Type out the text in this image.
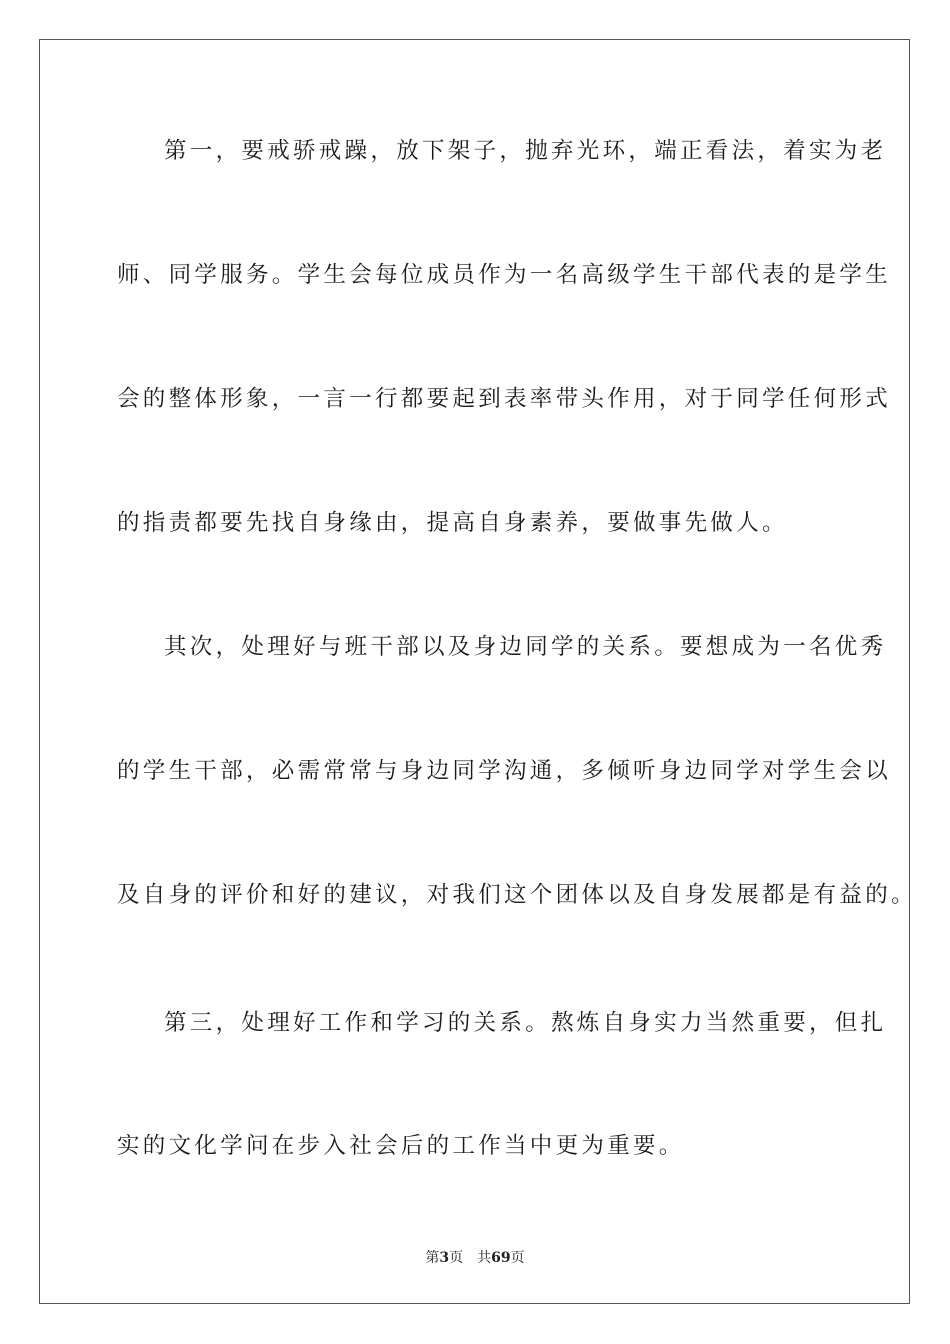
第一，要戒骄戒躁，放下架子，抛弃光环，端正看法，着实为老
师、同学服务。学生会每位成员作为一名高级学生干部代表的是学生
会的整体形象，一言一行都要起到表率带头作用，对于同学任何形式
的指责都要先找自身缘由，提高自身素养，要做事先做人。
其次，处理好与班干部以及身边同学的关系。要想成为一名优秀
的学生干部，必需常常与身边同学沟通，多倾听身边同学对学生会以
及自身的评价和好的建议，对我们这个团体以及自身发展都是有益的。
第三，处理好工作和学习的关系。熬炼自身实力当然重要，但扎
实的文化学问在步入社会后的工作当中更为重要。
第3页 共69页
